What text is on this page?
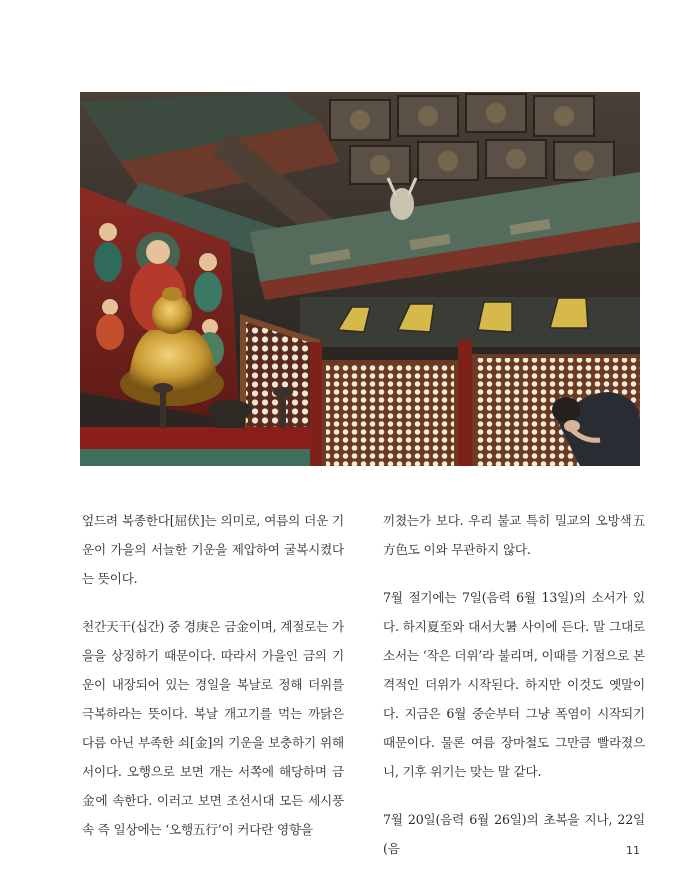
엎드려 복종한다[屈伏]는 의미로, 여름의 더운 기운이 가을의 서늘한 기운을 제압하여 굴복시켰다는 뜻이다.

천간天干(십간) 중 경庚은 금金이며, 계절로는 가을을 상징하기 때문이다. 따라서 가을인 금의 기운이 내장되어 있는 경일을 복날로 정해 더위를 극복하라는 뜻이다. 복날 개고기를 먹는 까닭은 다름 아닌 부족한 쇠[金]의 기운을 보충하기 위해서이다. 오행으로 보면 개는 서쪽에 해당하며 금金에 속한다. 이러고 보면 조선시대 모든 세시풍속 즉 일상에는 ‘오행五行’이 커다란 영향을

끼쳤는가 보다. 우리 불교 특히 밀교의 오방색五方色도 이와 무관하지 않다.

7월 절기에는 7일(음력 6월 13일)의 소서가 있다. 하지夏至와 대서大暑 사이에 든다. 말 그대로 소서는 ‘작은 더위’라 불리며, 이때를 기점으로 본격적인 더위가 시작된다. 하지만 이것도 옛말이다. 지금은 6월 중순부터 그냥 폭염이 시작되기 때문이다. 물론 여름 장마철도 그만큼 빨라졌으니, 기후 위기는 맞는 말 같다.

7월 20일(음력 6월 26일)의 초복을 지나, 22일(음	11
